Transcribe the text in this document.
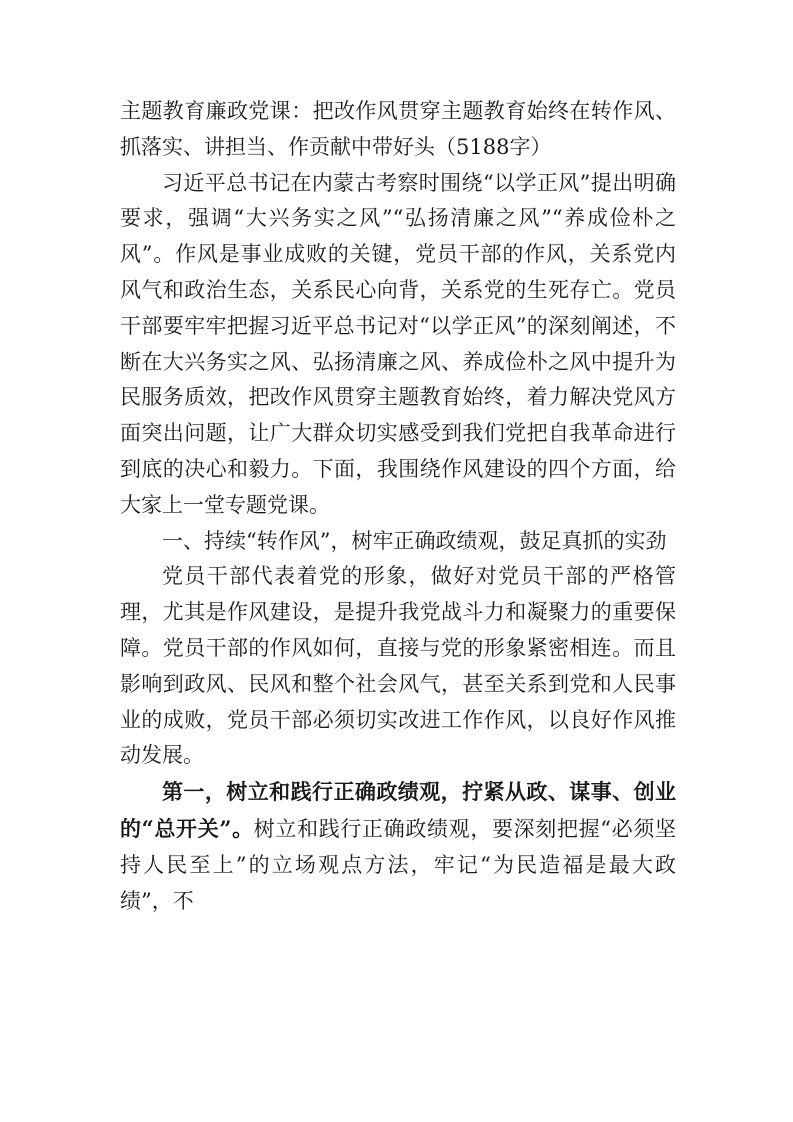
主题教育廉政党课：把改作风贯穿主题教育始终在转作风、抓落实、讲担当、作贡献中带好头（5188字）

习近平总书记在内蒙古考察时围绕“以学正风”提出明确要求，强调“大兴务实之风”“弘扬清廉之风”“养成俭朴之风”。作风是事业成败的关键，党员干部的作风，关系党内风气和政治生态，关系民心向背，关系党的生死存亡。党员干部要牢牢把握习近平总书记对“以学正风”的深刻阐述，不断在大兴务实之风、弘扬清廉之风、养成俭朴之风中提升为民服务质效，把改作风贯穿主题教育始终，着力解决党风方面突出问题，让广大群众切实感受到我们党把自我革命进行到底的决心和毅力。下面，我围绕作风建设的四个方面，给大家上一堂专题党课。

一、持续“转作风”，树牢正确政绩观，鼓足真抓的实劲

党员干部代表着党的形象，做好对党员干部的严格管理，尤其是作风建设，是提升我党战斗力和凝聚力的重要保障。党员干部的作风如何，直接与党的形象紧密相连。而且影响到政风、民风和整个社会风气，甚至关系到党和人民事业的成败，党员干部必须切实改进工作作风，以良好作风推动发展。

第一，树立和践行正确政绩观，拧紧从政、谋事、创业的“总开关”。树立和践行正确政绩观，要深刻把握“必须坚持人民至上”的立场观点方法，牢记“为民造福是最大政绩”，不
